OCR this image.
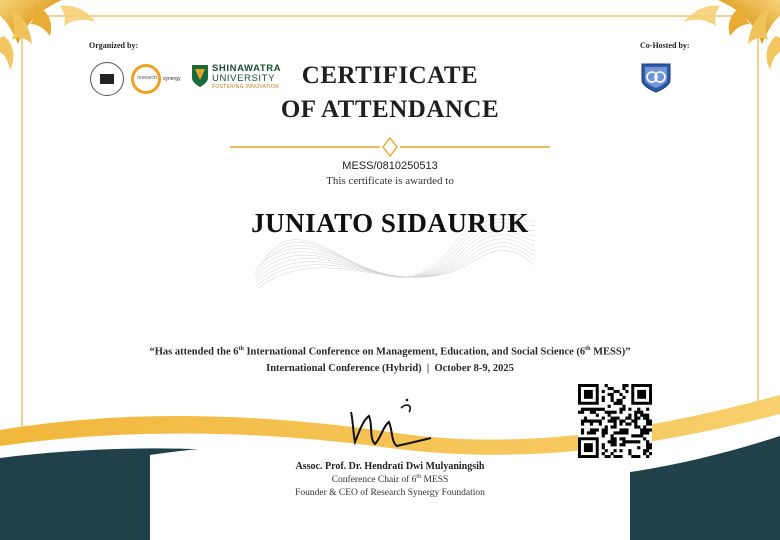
Organized by:	Co-Hosted by:
research	synergy
SHINAWATRA
UNIVERSITY
FOSTERING INNOVATION CERTIFICATE
OF ATTENDANCE
MESS/0810250513
This certificate is awarded to
JUNIATO SIDAURUK
“Has attended the 6th International Conference on Management, Education, and Social Science (6th MESS)”
International Conference (Hybrid)  |  October 8-9, 2025
Assoc. Prof. Dr. Hendrati Dwi Mulyaningsih
Conference Chair of 6th MESS
Founder & CEO of Research Synergy Foundation
